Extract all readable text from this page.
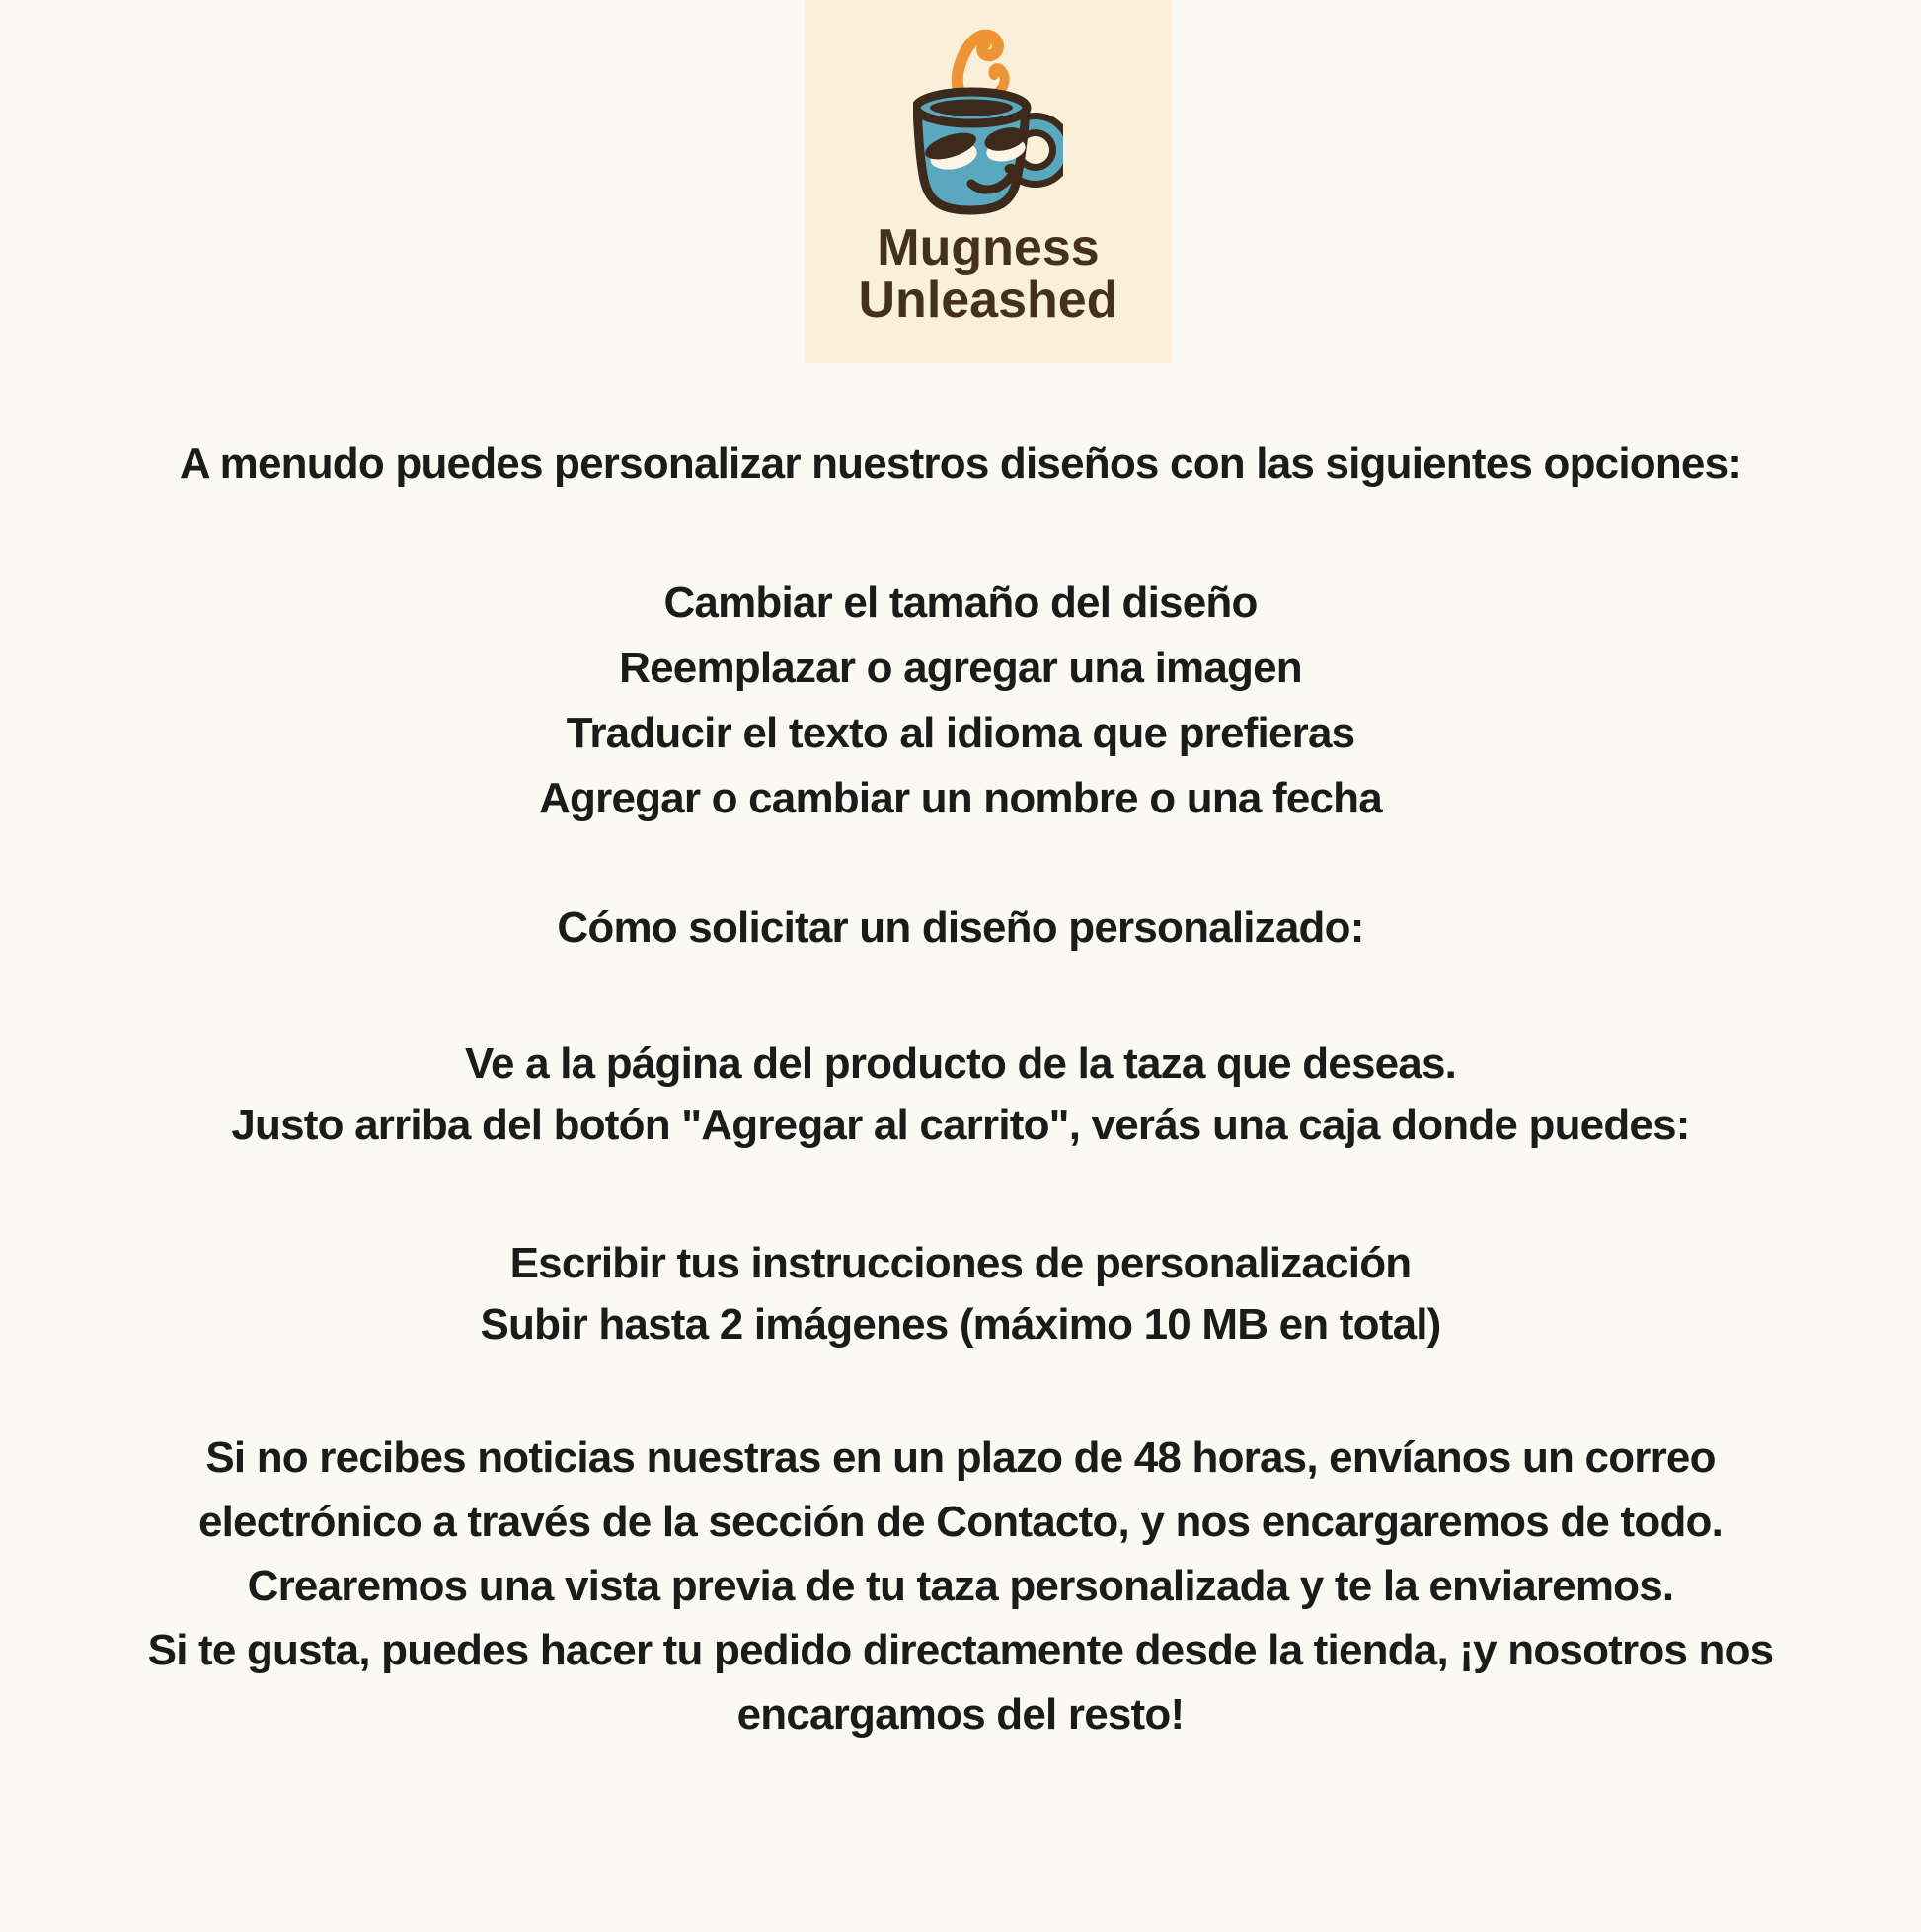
Mugness
Unleashed
A menudo puedes personalizar nuestros diseños con las siguientes opciones:
Cambiar el tamaño del diseño
Reemplazar o agregar una imagen
Traducir el texto al idioma que prefieras
Agregar o cambiar un nombre o una fecha
Cómo solicitar un diseño personalizado:
Ve a la página del producto de la taza que deseas.
Justo arriba del botón "Agregar al carrito", verás una caja donde puedes:
Escribir tus instrucciones de personalización
Subir hasta 2 imágenes (máximo 10 MB en total)
Si no recibes noticias nuestras en un plazo de 48 horas, envíanos un correo
electrónico a través de la sección de Contacto, y nos encargaremos de todo.
Crearemos una vista previa de tu taza personalizada y te la enviaremos.
Si te gusta, puedes hacer tu pedido directamente desde la tienda, ¡y nosotros nos
encargamos del resto!
